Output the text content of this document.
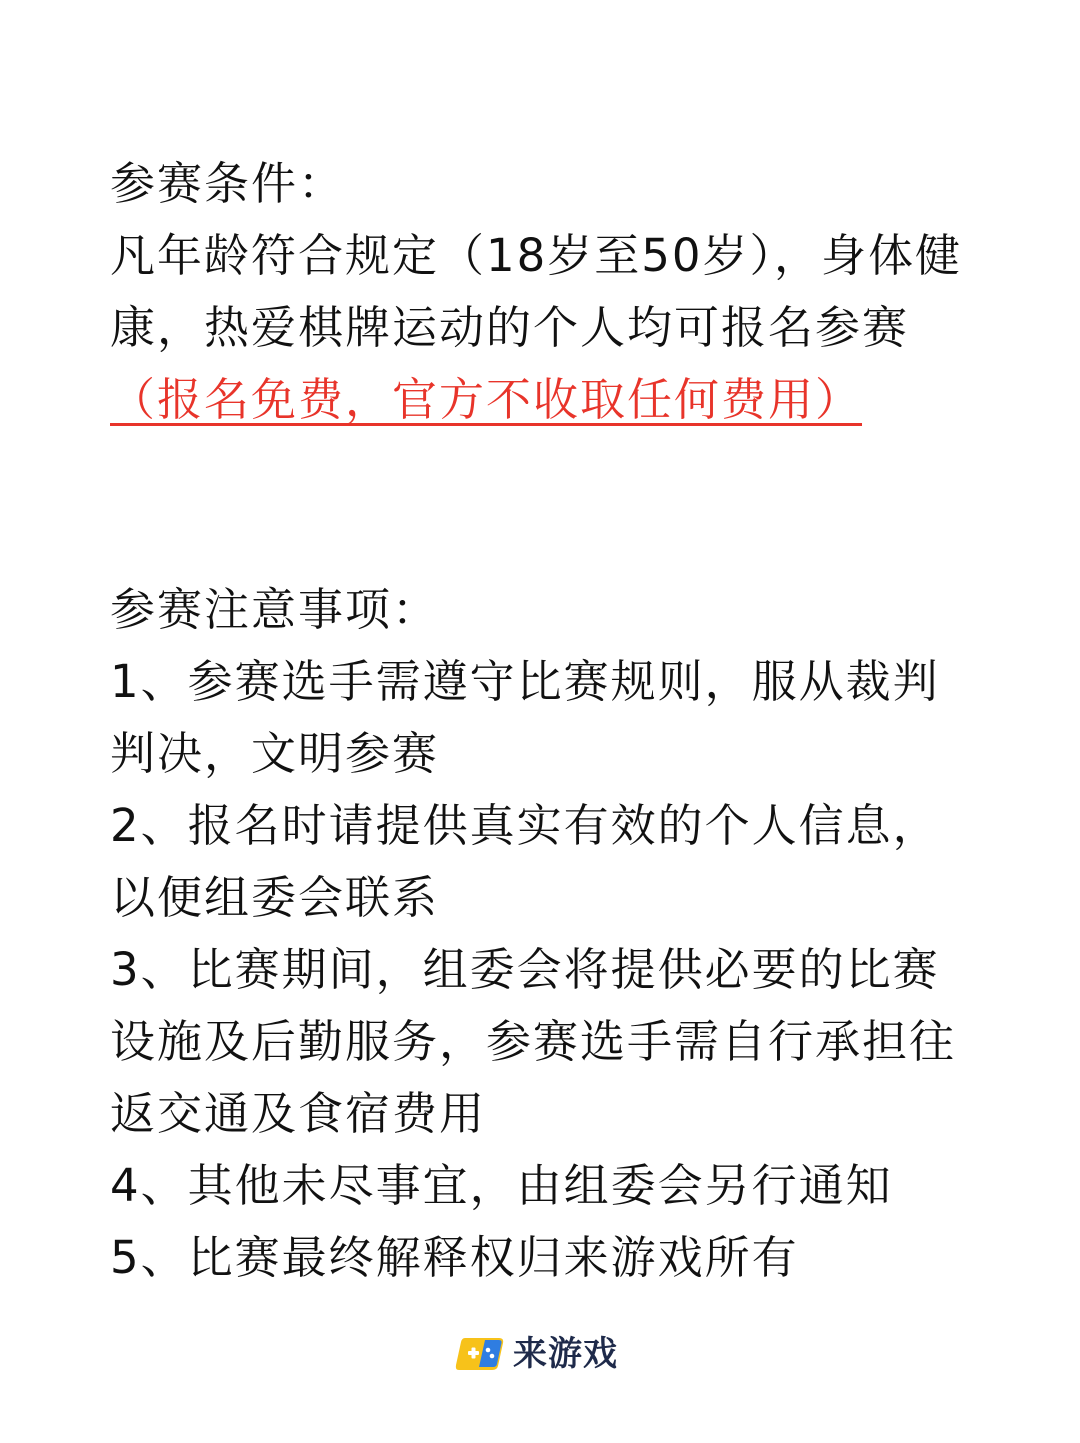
参赛条件：

凡年龄符合规定（18岁至50岁），身体健康，热爱棋牌运动的个人均可报名参赛（报名免费，官方不收取任何费用）

参赛注意事项：

1、参赛选手需遵守比赛规则，服从裁判判决，文明参赛

2、报名时请提供真实有效的个人信息，以便组委会联系

3、比赛期间，组委会将提供必要的比赛设施及后勤服务，参赛选手需自行承担往返交通及食宿费用

4、其他未尽事宜，由组委会另行通知

5、比赛最终解释权归来游戏所有

来游戏
